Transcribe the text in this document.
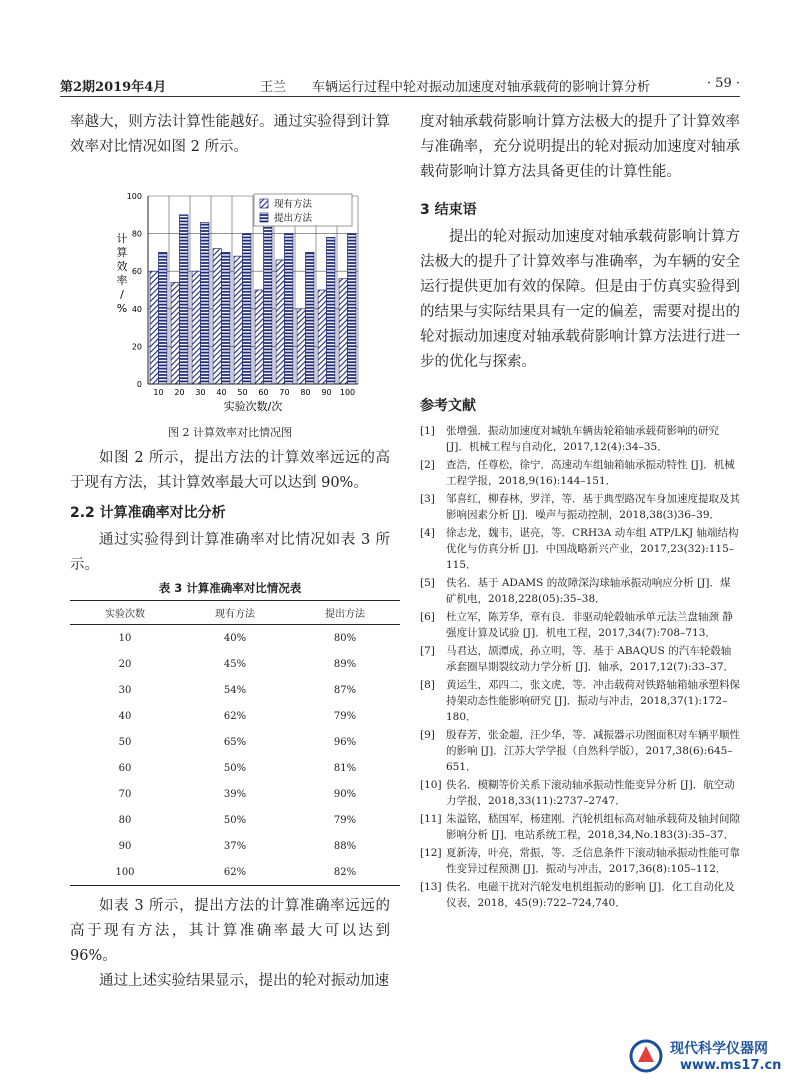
第2期2019年4月	王兰　　车辆运行过程中轮对振动加速度对轴承载荷的影响计算分析	· 59 ·

率越大，则方法计算性能越好。通过实验得到计算效率对比情况如图 2 所示。

0
20
40
60
80
100
10 20 30 40 50 60 70 80 90 100
现有方法
提出方法
计算效率/ %
实验次数/次
图 2 计算效率对比情况图

如图 2 所示，提出方法的计算效率远远的高于现有方法，其计算效率最大可以达到 90%。

2.2 计算准确率对比分析

通过实验得到计算准确率对比情况如表 3 所示。

表 3 计算准确率对比情况表
实验次数	现有方法	提出方法
10	40%	80%
20	45%	89%
30	54%	87%
40	62%	79%
50	65%	96%
60	50%	81%
70	39%	90%
80	50%	79%
90	37%	88%
100	62%	82%

如表 3 所示，提出方法的计算准确率远远的高于现有方法，其计算准确率最大可以达到 96%。

通过上述实验结果显示，提出的轮对振动加速

度对轴承载荷影响计算方法极大的提升了计算效率与准确率，充分说明提出的轮对振动加速度对轴承载荷影响计算方法具备更佳的计算性能。

3 结束语

提出的轮对振动加速度对轴承载荷影响计算方法极大的提升了计算效率与准确率，为车辆的安全运行提供更加有效的保障。但是由于仿真实验得到的结果与实际结果具有一定的偏差，需要对提出的轮对振动加速度对轴承载荷影响计算方法进行进一步的优化与探索。

参考文献
[1]	张增强．振动加速度对城轨车辆齿轮箱轴承载荷影响的研究 [J]．机械工程与自动化，2017,12(4):34–35．
[2]	查浩，任尊松，徐宁．高速动车组轴箱轴承振动特性 [J]．机械工程学报，2018,9(16):144–151．
[3]	邹喜红，柳春林，罗洋，等．基于典型路况车身加速度提取及其影响因素分析 [J]．噪声与振动控制，2018,38(3)36–39．
[4]	徐志龙，魏韦，谌亮，等．CRH3A 动车组 ATP/LKJ 轴端结构优化与仿真分析 [J]．中国战略新兴产业，2017,23(32):115–115．
[5]	佚名．基于 ADAMS 的故障深沟球轴承振动响应分析 [J]．煤矿机电，2018,228(05):35–38．
[6]	杜立军，陈芳华，章有良．非驱动轮毂轴承单元法兰盘轴颈 静强度计算及试验 [J]．机电工程，2017,34(7):708–713．
[7]	马君达，颉潭成，孙立明，等．基于 ABAQUS 的汽车轮毂轴承套圈早期裂纹动力学分析 [J]．轴承，2017,12(7):33–37．
[8]	黄运生，邓四二，张文虎，等．冲击载荷对铁路轴箱轴承塑料保持架动态性能影响研究 [J]．振动与冲击，2018,37(1):172–180．
[9]	殷春芳，张金超，汪少华，等．减振器示功图面积对车辆平顺性的影响 [J]．江苏大学学报（自然科学版），2017,38(6):645–651．
[10] 佚名．模糊等价关系下滚动轴承振动性能变异分析 [J]．航空动力学报，2018,33(11):2737–2747．
[11] 朱溢铭，嵇国军，杨建刚．汽轮机组标高对轴承载荷及轴封间隙影响分析 [J]．电站系统工程，2018,34,No.183(3):35–37．
[12] 夏新涛，叶亮，常振，等．乏信息条件下滚动轴承振动性能可靠性变异过程预测 [J]．振动与冲击，2017,36(8):105–112．
[13] 佚名．电磁干扰对汽轮发电机组振动的影响 [J]．化工自动化及仪表，2018，45(9):722–724,740．
现代科学仪器网
www.ms17.cn
